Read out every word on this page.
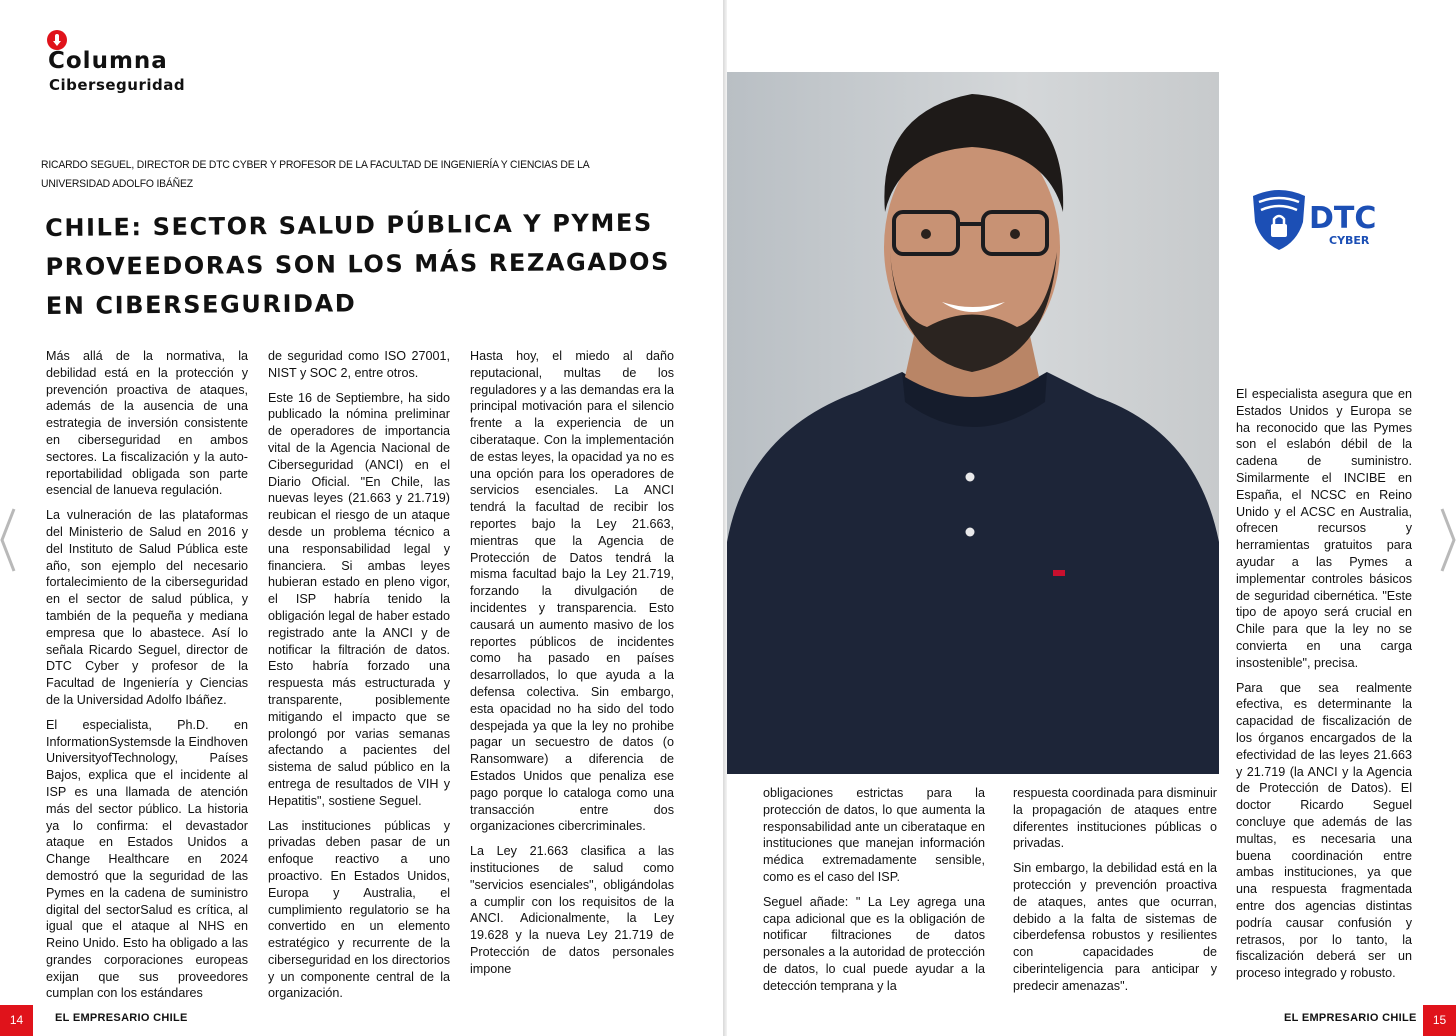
Columna
Ciberseguridad
RICARDO SEGUEL, DIRECTOR DE DTC CYBER Y PROFESOR DE LA FACULTAD DE INGENIERÍA Y CIENCIAS DE LA UNIVERSIDAD ADOLFO IBÁÑEZ
CHILE: SECTOR SALUD PÚBLICA Y PYMES PROVEEDORAS SON LOS MÁS REZAGADOS EN CIBERSEGURIDAD

Más allá de la normativa, la debilidad está en la protección y prevención proactiva de ataques, además de la ausencia de una estrategia de inversión consistente en ciberseguridad en ambos sectores. La fiscalización y la auto-reportabilidad obligada son parte esencial de lanueva regulación.

La vulneración de las plataformas del Ministerio de Salud en 2016 y del Instituto de Salud Pública este año, son ejemplo del necesario fortalecimiento de la ciberseguridad en el sector de salud pública, y también de la pequeña y mediana empresa que lo abastece. Así lo señala Ricardo Seguel, director de DTC Cyber y profesor de la Facultad de Ingeniería y Ciencias de la Universidad Adolfo Ibáñez.

El especialista, Ph.D. en InformationSystemsde la Eindhoven UniversityofTechnology, Países Bajos, explica que el incidente al ISP es una llamada de atención más del sector público. La historia ya lo confirma: el devastador ataque en Estados Unidos a Change Healthcare en 2024 demostró que la seguridad de las Pymes en la cadena de suministro digital del sectorSalud es crítica, al igual que el ataque al NHS en Reino Unido. Esto ha obligado a las grandes corporaciones europeas exijan que sus proveedores cumplan con los estándares

de seguridad como ISO 27001, NIST y SOC 2, entre otros.

Este 16 de Septiembre, ha sido publicado la nómina preliminar de operadores de importancia vital de la Agencia Nacional de Ciberseguridad (ANCI) en el Diario Oficial. "En Chile, las nuevas leyes (21.663 y 21.719) reubican el riesgo de un ataque desde un problema técnico a una responsabilidad legal y financiera. Si ambas leyes hubieran estado en pleno vigor, el ISP habría tenido la obligación legal de haber estado registrado ante la ANCI y de notificar la filtración de datos. Esto habría forzado una respuesta más estructurada y transparente, posiblemente mitigando el impacto que se prolongó por varias semanas afectando a pacientes del sistema de salud público en la entrega de resultados de VIH y Hepatitis", sostiene Seguel.

Las instituciones públicas y privadas deben pasar de un enfoque reactivo a uno proactivo. En Estados Unidos, Europa y Australia, el cumplimiento regulatorio se ha convertido en un elemento estratégico y recurrente de la ciberseguridad en los directorios y un componente central de la organización.

Hasta hoy, el miedo al daño reputacional, multas de los reguladores y a las demandas era la principal motivación para el silencio frente a la experiencia de un ciberataque. Con la implementación de estas leyes, la opacidad ya no es una opción para los operadores de servicios esenciales. La ANCI tendrá la facultad de recibir los reportes bajo la Ley 21.663, mientras que la Agencia de Protección de Datos tendrá la misma facultad bajo la Ley 21.719, forzando la divulgación de incidentes y transparencia. Esto causará un aumento masivo de los reportes públicos de incidentes como ha pasado en países desarrollados, lo que ayuda a la defensa colectiva. Sin embargo, esta opacidad no ha sido del todo despejada ya que la ley no prohibe pagar un secuestro de datos (o Ransomware) a diferencia de Estados Unidos que penaliza ese pago porque lo cataloga como una transacción entre dos organizaciones cibercriminales.

La Ley 21.663 clasifica a las instituciones de salud como "servicios esenciales", obligándolas a cumplir con los requisitos de la ANCI. Adicionalmente, la Ley 19.628 y la nueva Ley 21.719 de Protección de datos personales impone

14	EL EMPRESARIO CHILE
DTC
CYBER

obligaciones estrictas para la protección de datos, lo que aumenta la responsabilidad ante un ciberataque en instituciones que manejan información médica extremadamente sensible, como es el caso del ISP.

Seguel añade: " La Ley agrega una capa adicional que es la obligación de notificar filtraciones de datos personales a la autoridad de protección de datos, lo cual puede ayudar a la detección temprana y la

respuesta coordinada para disminuir la propagación de ataques entre diferentes instituciones públicas o privadas.

Sin embargo, la debilidad está en la protección y prevención proactiva de ataques, antes que ocurran, debido a la falta de sistemas de ciberdefensa robustos y resilientes con capacidades de ciberinteligencia para anticipar y predecir amenazas".

El especialista asegura que en Estados Unidos y Europa se ha reconocido que las Pymes son el eslabón débil de la cadena de suministro. Similarmente el INCIBE en España, el NCSC en Reino Unido y el ACSC en Australia, ofrecen recursos y herramientas gratuitos para ayudar a las Pymes a implementar controles básicos de seguridad cibernética. "Este tipo de apoyo será crucial en Chile para que la ley no se convierta en una carga insostenible", precisa.

Para que sea realmente efectiva, es determinante la capacidad de fiscalización de los órganos encargados de la efectividad de las leyes 21.663 y 21.719 (la ANCI y la Agencia de Protección de Datos). El doctor Ricardo Seguel concluye que además de las multas, es necesaria una buena coordinación entre ambas instituciones, ya que una respuesta fragmentada entre dos agencias distintas podría causar confusión y retrasos, por lo tanto, la fiscalización deberá ser un proceso integrado y robusto.

EL EMPRESARIO CHILE	15
